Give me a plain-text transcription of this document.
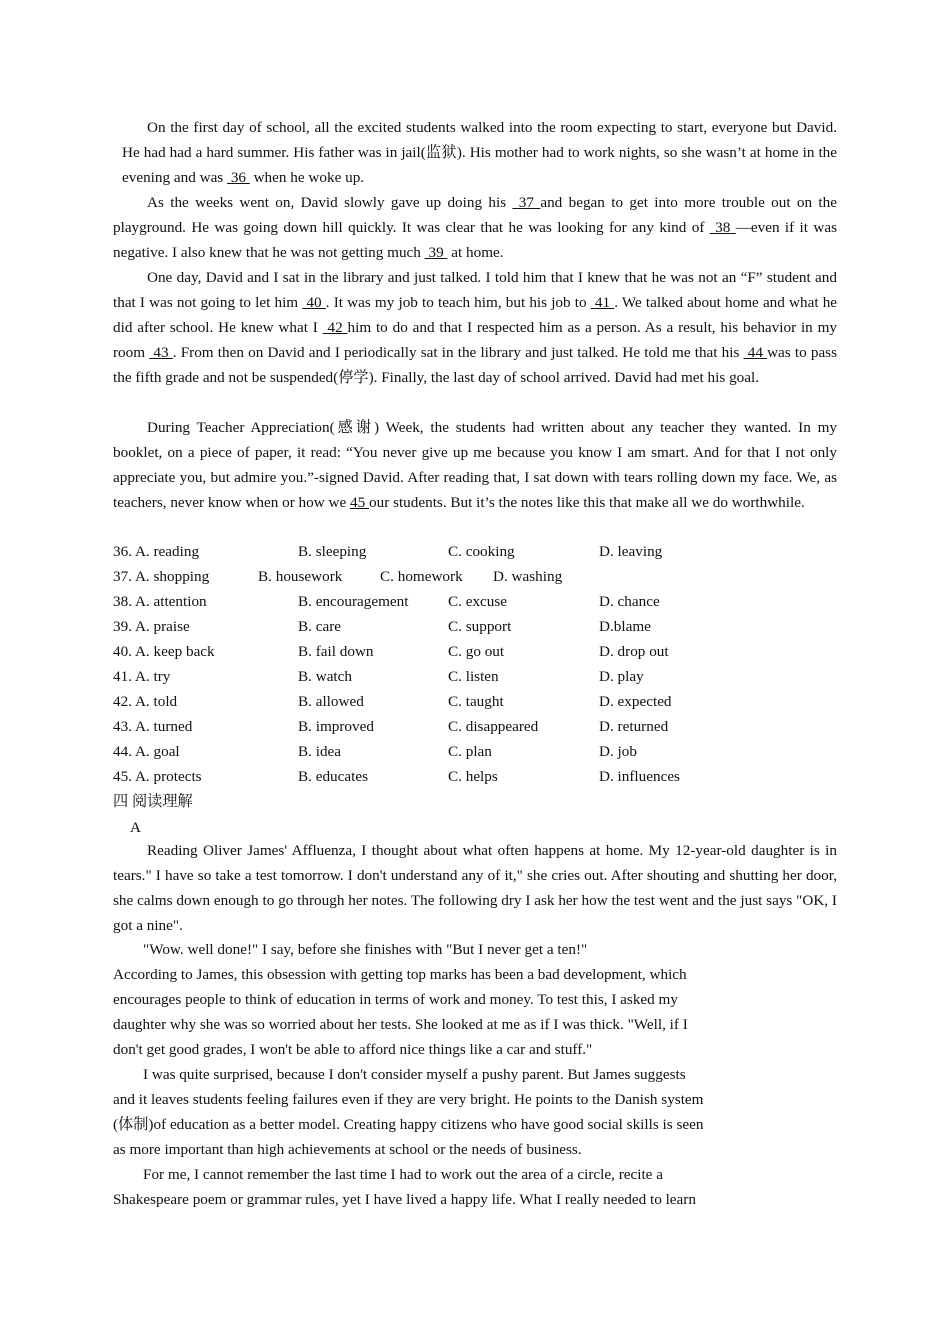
On the first day of school, all the excited students walked into the room expecting to start, everyone but David. He had had a hard summer. His father was in jail(监狱). His mother had to work nights, so she wasn’t at home in the evening and was  36  when he woke up.

As the weeks went on, David slowly gave up doing his  37 and began to get into more trouble out on the playground. He was going down hill quickly. It was clear that he was looking for any kind of  38 —even if it was negative. I also knew that he was not getting much  39  at home.

One day, David and I sat in the library and just talked. I told him that I knew that he was not an “F” student and that I was not going to let him  40 . It was my job to teach him, but his job to  41 . We talked about home and what he did after school. He knew what I  42 him to do and that I respected him as a person. As a result, his behavior in my room  43 . From then on David and I periodically sat in the library and just talked. He told me that his  44 was to pass the fifth grade and not be suspended(停学). Finally, the last day of school arrived. David had met his goal.

During Teacher Appreciation(感谢) Week, the students had written about any teacher they wanted. In my booklet, on a piece of paper, it read: “You never give up me because you know I am smart. And for that I not only appreciate you, but admire you.”-signed David. After reading that, I sat down with tears rolling down my face. We, as teachers, never know when or how we 45 our students. But it’s the notes like this that make all we do worthwhile.

36. A. reading	B. sleeping	C. cooking	D. leaving
37. A. shopping	B. housework C. homework D. washing
38. A. attention	B. encouragement	C. excuse	D. chance
39. A. praise	B. care	C. support	D.blame
40. A. keep back	B. fail down	C. go out	D. drop out
41. A. try	B. watch	C. listen	D. play
42. A. told	B. allowed	C. taught	D. expected
43. A. turned	B. improved	C. disappeared	D. returned
44. A. goal	B. idea	C. plan	D. job
45. A. protects	B. educates	C. helps	D. influences
四 阅读理解
A

Reading Oliver James' Affluenza, I thought about what often happens at home. My 12-year-old daughter is in tears." I have so take a test tomorrow. I don't understand any of it," she cries out. After shouting and shutting her door, she calms down enough to go through her notes. The following dry I ask her how the test went and the just says "OK, I got a nine".

"Wow. well done!" I say, before she finishes with "But I never get a ten!"
According to James, this obsession with getting top marks has been a bad development, which
encourages people to think of education in terms of work and money. To test this, I asked my
daughter why she was so worried about her tests. She looked at me as if I was thick. "Well, if I
don't get good grades, I won't be able to afford nice things like a car and stuff."
I was quite surprised, because I don't consider myself a pushy parent. But James suggests
and it leaves students feeling failures even if they are very bright. He points to the Danish system
(体制)of education as a better model. Creating happy citizens who have good social skills is seen
as more important than high achievements at school or the needs of business.
For me, I cannot remember the last time I had to work out the area of a circle, recite a
Shakespeare poem or grammar rules, yet I have lived a happy life. What I really needed to learn
